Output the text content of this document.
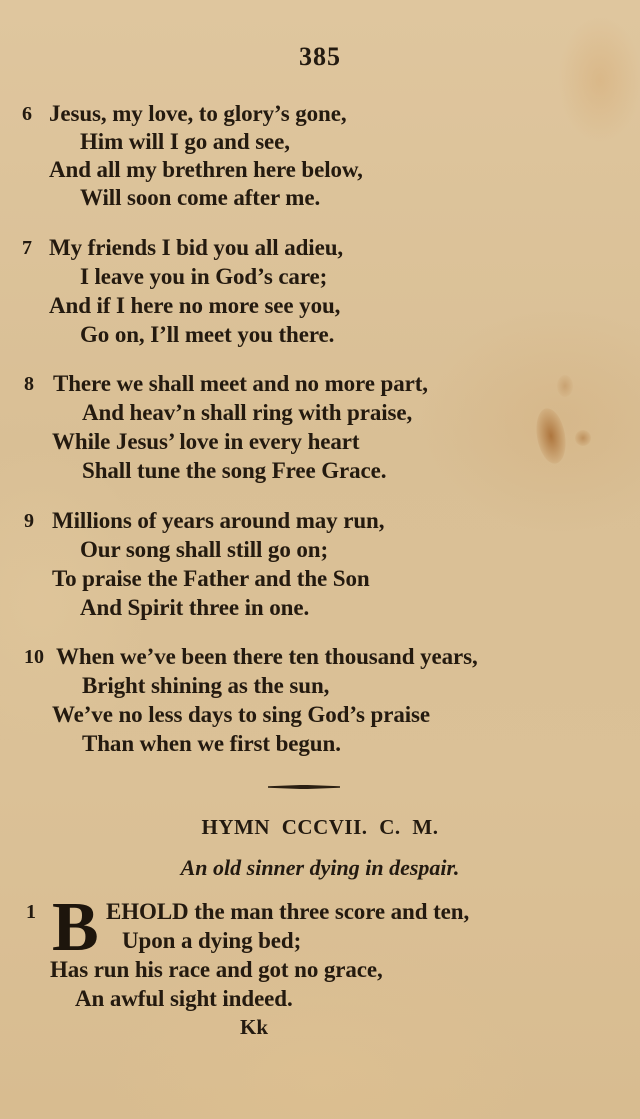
385
6 Jesus, my love, to glory’s gone,
Him will I go and see,
And all my brethren here below,
Will soon come after me.
7 My friends I bid you all adieu,
I leave you in God’s care;
And if I here no more see you,
Go on, I’ll meet you there.
8 There we shall meet and no more part,
And heav’n shall ring with praise,
While Jesus’ love in every heart
Shall tune the song Free Grace.
9 Millions of years around may run,
Our song shall still go on;
To praise the Father and the Son
And Spirit three in one.
10 When we’ve been there ten thousand years,
Bright shining as the sun,
We’ve no less days to sing God’s praise
Than when we first begun.
HYMN CCCVII. C. M.
An old sinner dying in despair.
1 B EHOLD the man three score and ten,
Upon a dying bed;
Has run his race and got no grace,
An awful sight indeed.
Kk
